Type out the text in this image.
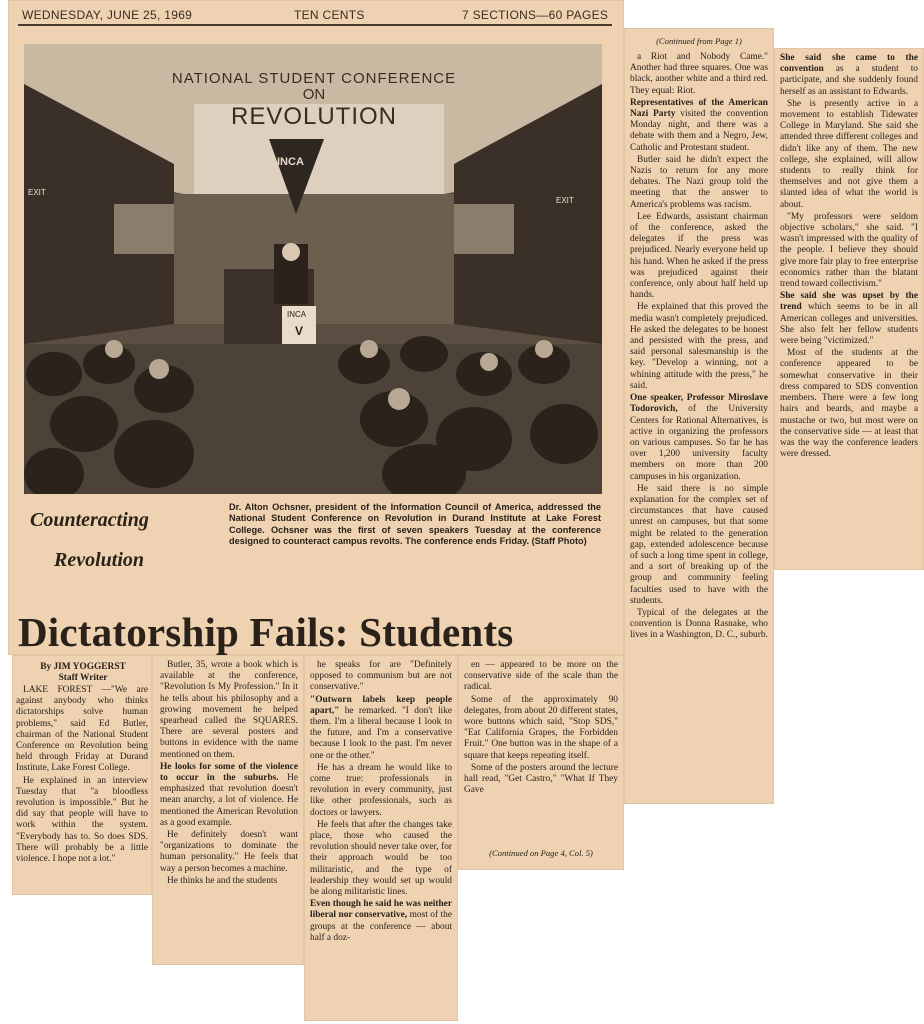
WEDNESDAY, JUNE 25, 1969	TEN CENTS	7 SECTIONS—60 PAGES
NATIONAL STUDENT CONFERENCE
ON
REVOLUTION
INCA
INCA
V
EXIT
EXIT
Counteracting
Revolution
Dr. Alton Ochsner, president of the Information Council of America, addressed the National Student Conference on Revolution in Durand Institute at Lake Forest College. Ochsner was the first of seven speakers Tuesday at the conference designed to counteract campus revolts. The conference ends Friday. (Staff Photo)
Dictatorship Fails: Students
By JIM YOGGERST
Staff Writer

LAKE FOREST —"We are against anybody who thinks dictatorships solve human problems," said Ed Butler, chairman of the National Student Conference on Revolution being held through Friday at Durand Institute, Lake Forest College.

He explained in an interview Tuesday that "a bloodless revolution is impossible." But he did say that people will have to work within the system. "Everybody has to. So does SDS. There will probably be a little violence. I hope not a lot."

Butler, 35, wrote a book which is available at the conference, "Revolution Is My Profession." In it he tells about his philosophy and a growing movement he helped spearhead called the SQUARES. There are several posters and buttons in evidence with the name mentioned on them.

He looks for some of the violence to occur in the suburbs. He emphasized that revolution doesn't mean anarchy, a lot of violence. He mentioned the American Revolution as a good example.

He definitely doesn't want "organizations to dominate the human personality." He feels that way a person becomes a machine.

He thinks he and the students

he speaks for are "Definitely opposed to communism but are not conservative."

"Outworn labels keep people apart," he remarked. "I don't like them. I'm a liberal because I look to the future, and I'm a conservative because I look to the past. I'm never one or the other."

He has a dream he would like to come true: professionals in revolution in every community, just like other professionals, such as doctors or lawyers.

He feels that after the changes take place, those who caused the revolution should never take over, for their approach would be too militaristic, and the type of leadership they would set up would be along militaristic lines.

Even though he said he was neither liberal nor conservative, most of the groups at the conference — about half a doz-

en — appeared to be more on the conservative side of the scale than the radical.

Some of the approximately 90 delegates, from about 20 different states, wore buttons which said, "Stop SDS," "Eat California Grapes, the Forbidden Fruit." One button was in the shape of a square that keeps repeating itself.

Some of the posters around the lecture hall read, "Get Castro," "What If They Gave

(Continued on Page 4, Col. 5)
(Continued from Page 1)

a Riot and Nobody Came." Another had three squares. One was black, another white and a third red. They equal: Riot.

Representatives of the American Nazi Party visited the convention Monday night, and there was a debate with them and a Negro, Jew, Catholic and Protestant student.

Butler said he didn't expect the Nazis to return for any more debates. The Nazi group told the meeting that the answer to America's problems was racism.

Lee Edwards, assistant chairman of the conference, asked the delegates if the press was prejudiced. Nearly everyone held up his hand. When he asked if the press was prejudiced against their conference, only about half held up hands.

He explained that this proved the media wasn't completely prejudiced. He asked the delegates to be honest and persisted with the press, and said personal salesmanship is the key. "Develop a winning, not a whining attitude with the press," he said.

One speaker, Professor Miroslave Todorovich, of the University Centers for Rational Alternatives, is active in organizing the professors on various campuses. So far he has over 1,200 university faculty members on more than 200 campuses in his organization.

He said there is no simple explanation for the complex set of circumstances that have caused unrest on campuses, but that some might be related to the generation gap, extended adolescence because of such a long time spent in college, and a sort of breaking up of the group and community feeling faculties used to have with the students.

Typical of the delegates at the convention is Donna Rasnake, who lives in a Washington, D. C., suburb.

She said she came to the convention as a student to participate, and she suddenly found herself as an assistant to Edwards.

She is presently active in a movement to establish Tidewater College in Maryland. She said she attended three different colleges and didn't like any of them. The new college, she explained, will allow students to really think for themselves and not give them a slanted idea of what the world is about.

"My professors were seldom objective scholars," she said. "I wasn't impressed with the quality of the people. I believe they should give more fair play to free enterprise economics rather than the blatant trend toward collectivism."

She said she was upset by the trend which seems to be in all American colleges and universities. She also felt her fellow students were being "victimized."

Most of the students at the conference appeared to be somewhat conservative in their dress compared to SDS convention members. There were a few long hairs and beards, and maybe a mustache or two, but most were on the conservative side — at least that was the way the conference leaders were dressed.
